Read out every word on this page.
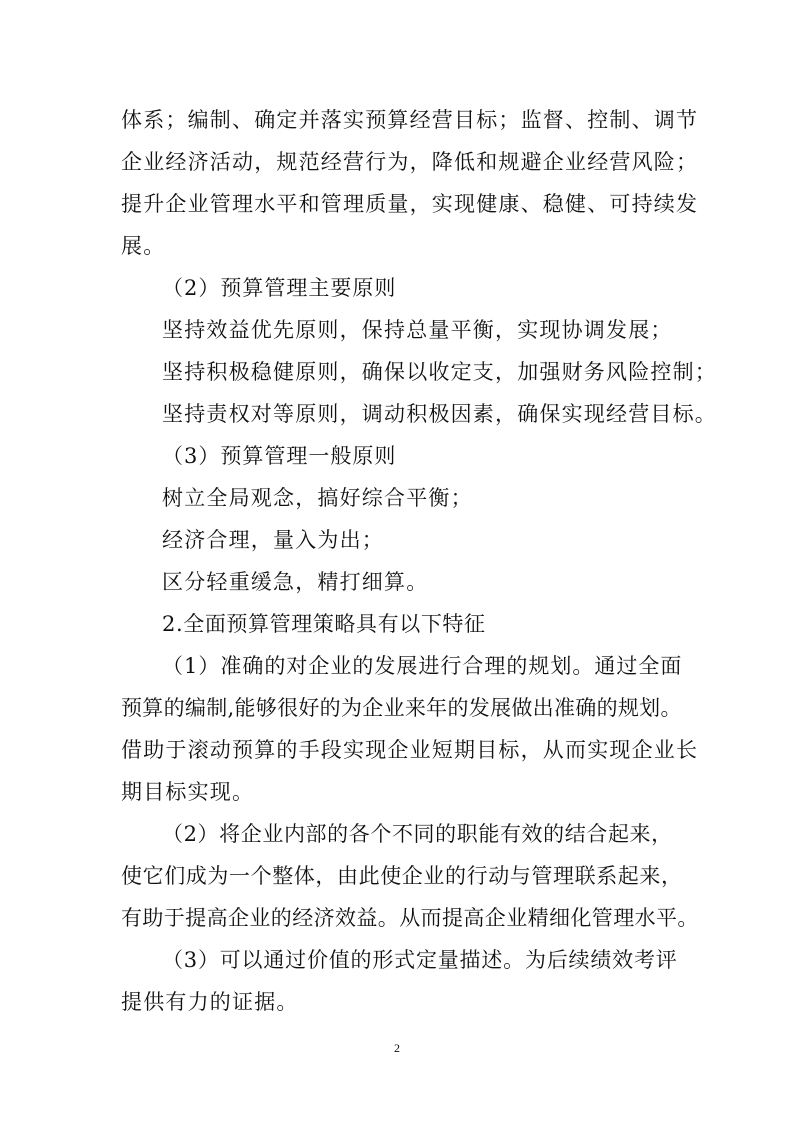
体系；编制、确定并落实预算经营目标；监督、控制、调节

企业经济活动，规范经营行为，降低和规避企业经营风险；

提升企业管理水平和管理质量，实现健康、稳健、可持续发

展。

（2）预算管理主要原则

坚持效益优先原则，保持总量平衡，实现协调发展；

坚持积极稳健原则，确保以收定支，加强财务风险控制；

坚持责权对等原则，调动积极因素，确保实现经营目标。

（3）预算管理一般原则

树立全局观念，搞好综合平衡；

经济合理，量入为出；

区分轻重缓急，精打细算。

2.全面预算管理策略具有以下特征

（1）准确的对企业的发展进行合理的规划。通过全面

预算的编制,能够很好的为企业来年的发展做出准确的规划。

借助于滚动预算的手段实现企业短期目标，从而实现企业长

期目标实现。

（2）将企业内部的各个不同的职能有效的结合起来，

使它们成为一个整体，由此使企业的行动与管理联系起来，

有助于提高企业的经济效益。从而提高企业精细化管理水平。

（3）可以通过价值的形式定量描述。为后续绩效考评

提供有力的证据。

2
